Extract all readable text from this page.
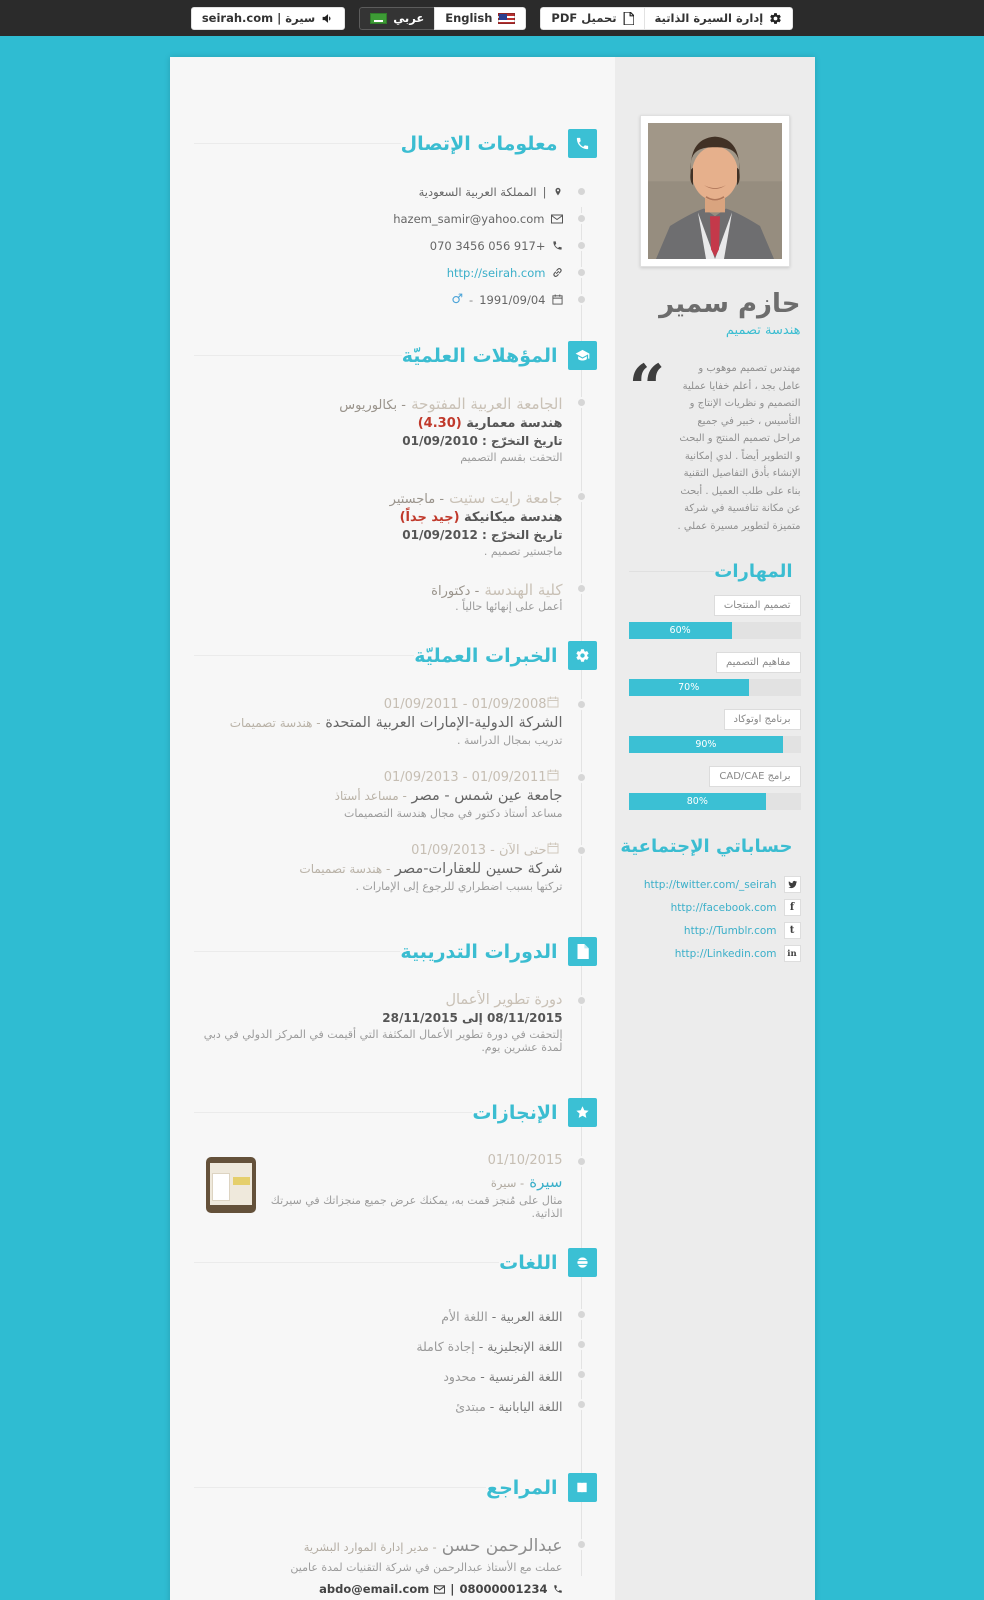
seirah.com | سيرة	عربي English	تحميل PDF	إدارة السيرة الذاتية
معلومات الإتصال
المملكة العربية السعودية |
hazem_samir@yahoo.com
070 3456 056 917+
http://seirah.com
♂ - 1991/09/04
المؤهلات العلميّة
الجامعة العربية المفتوحة - بكالوريوس
هندسة معمارية (4.30)
تاريخ التخرّج : 01/09/2010
التحقت بقسم التصميم
جامعة رايت ستيت - ماجستير
هندسة ميكانيكة (جيد جداً)
تاريخ التخرّج : 01/09/2012
ماجستير تصميم .
كلية الهندسة - دكتوراة
أعمل على إنهائها حالياً .
الخبرات العمليّة
01/09/2011 - 01/09/2008
الشركة الدولية-الإمارات العربية المتحدة - هندسة تصميمات
تدريب بمجال الدراسة .
01/09/2013 - 01/09/2011
جامعة عين شمس - مصر - مساعد أستاذ
مساعد أستاذ دكتور في مجال هندسة التصميمات
حتى الآن - 01/09/2013
شركة حسين للعقارات-مصر - هندسة تصميمات
تركتها بسبب اضطراري للرجوع إلى الإمارات .
الدورات التدريبية
دورة تطوير الأعمال
08/11/2015 إلى 28/11/2015
إلتحقت في دورة تطوير الأعمال المكثفة التي أقيمت في المركز الدولي في دبي لمدة عشرين يوم.
الإنجازات
01/10/2015
سيرة - سيرة
مثال على مُنجز قمت به، يمكنك عرض جميع منجزاتك في سيرتك الذاتية.
اللغات
اللغة العربية - اللغة الأم
اللغة الإنجليزية - إجادة كاملة
اللغة الفرنسية - محدود
اللغة اليابانية - مبتدئ
المراجع
عبدالرحمن حسن - مدير إدارة الموارد البشرية
عملت مع الأستاذ عبدالرحمن في شركة التقنيات لمدة عامين
abdo@email.com | 08000001234
حازم سمير
هندسة تصميم
“	مهندس تصميم موهوب و عامل بجد ، أعلم خفايا عملية التصميم و نظريات الإنتاج و التأسيس ، خبير في جميع مراحل تصميم المنتج و البحث و التطوير أيضاً . لدي إمكانية الإنشاء بأدق التفاصيل التقنية بناء على طلب العميل . أبحث عن مكانة تنافسية في شركة متميزة لتطوير مسيرة عملي .

المهارات
تصميم المنتجات
60%
مفاهيم التصميم
70%
برنامج اوتوكاد
90%
برامج CAD/CAE
80%
حساباتي الإجتماعية
http://twitter.com/_seirah
http://facebook.com	f
http://Tumblr.com	t
http://Linkedin.com	in
